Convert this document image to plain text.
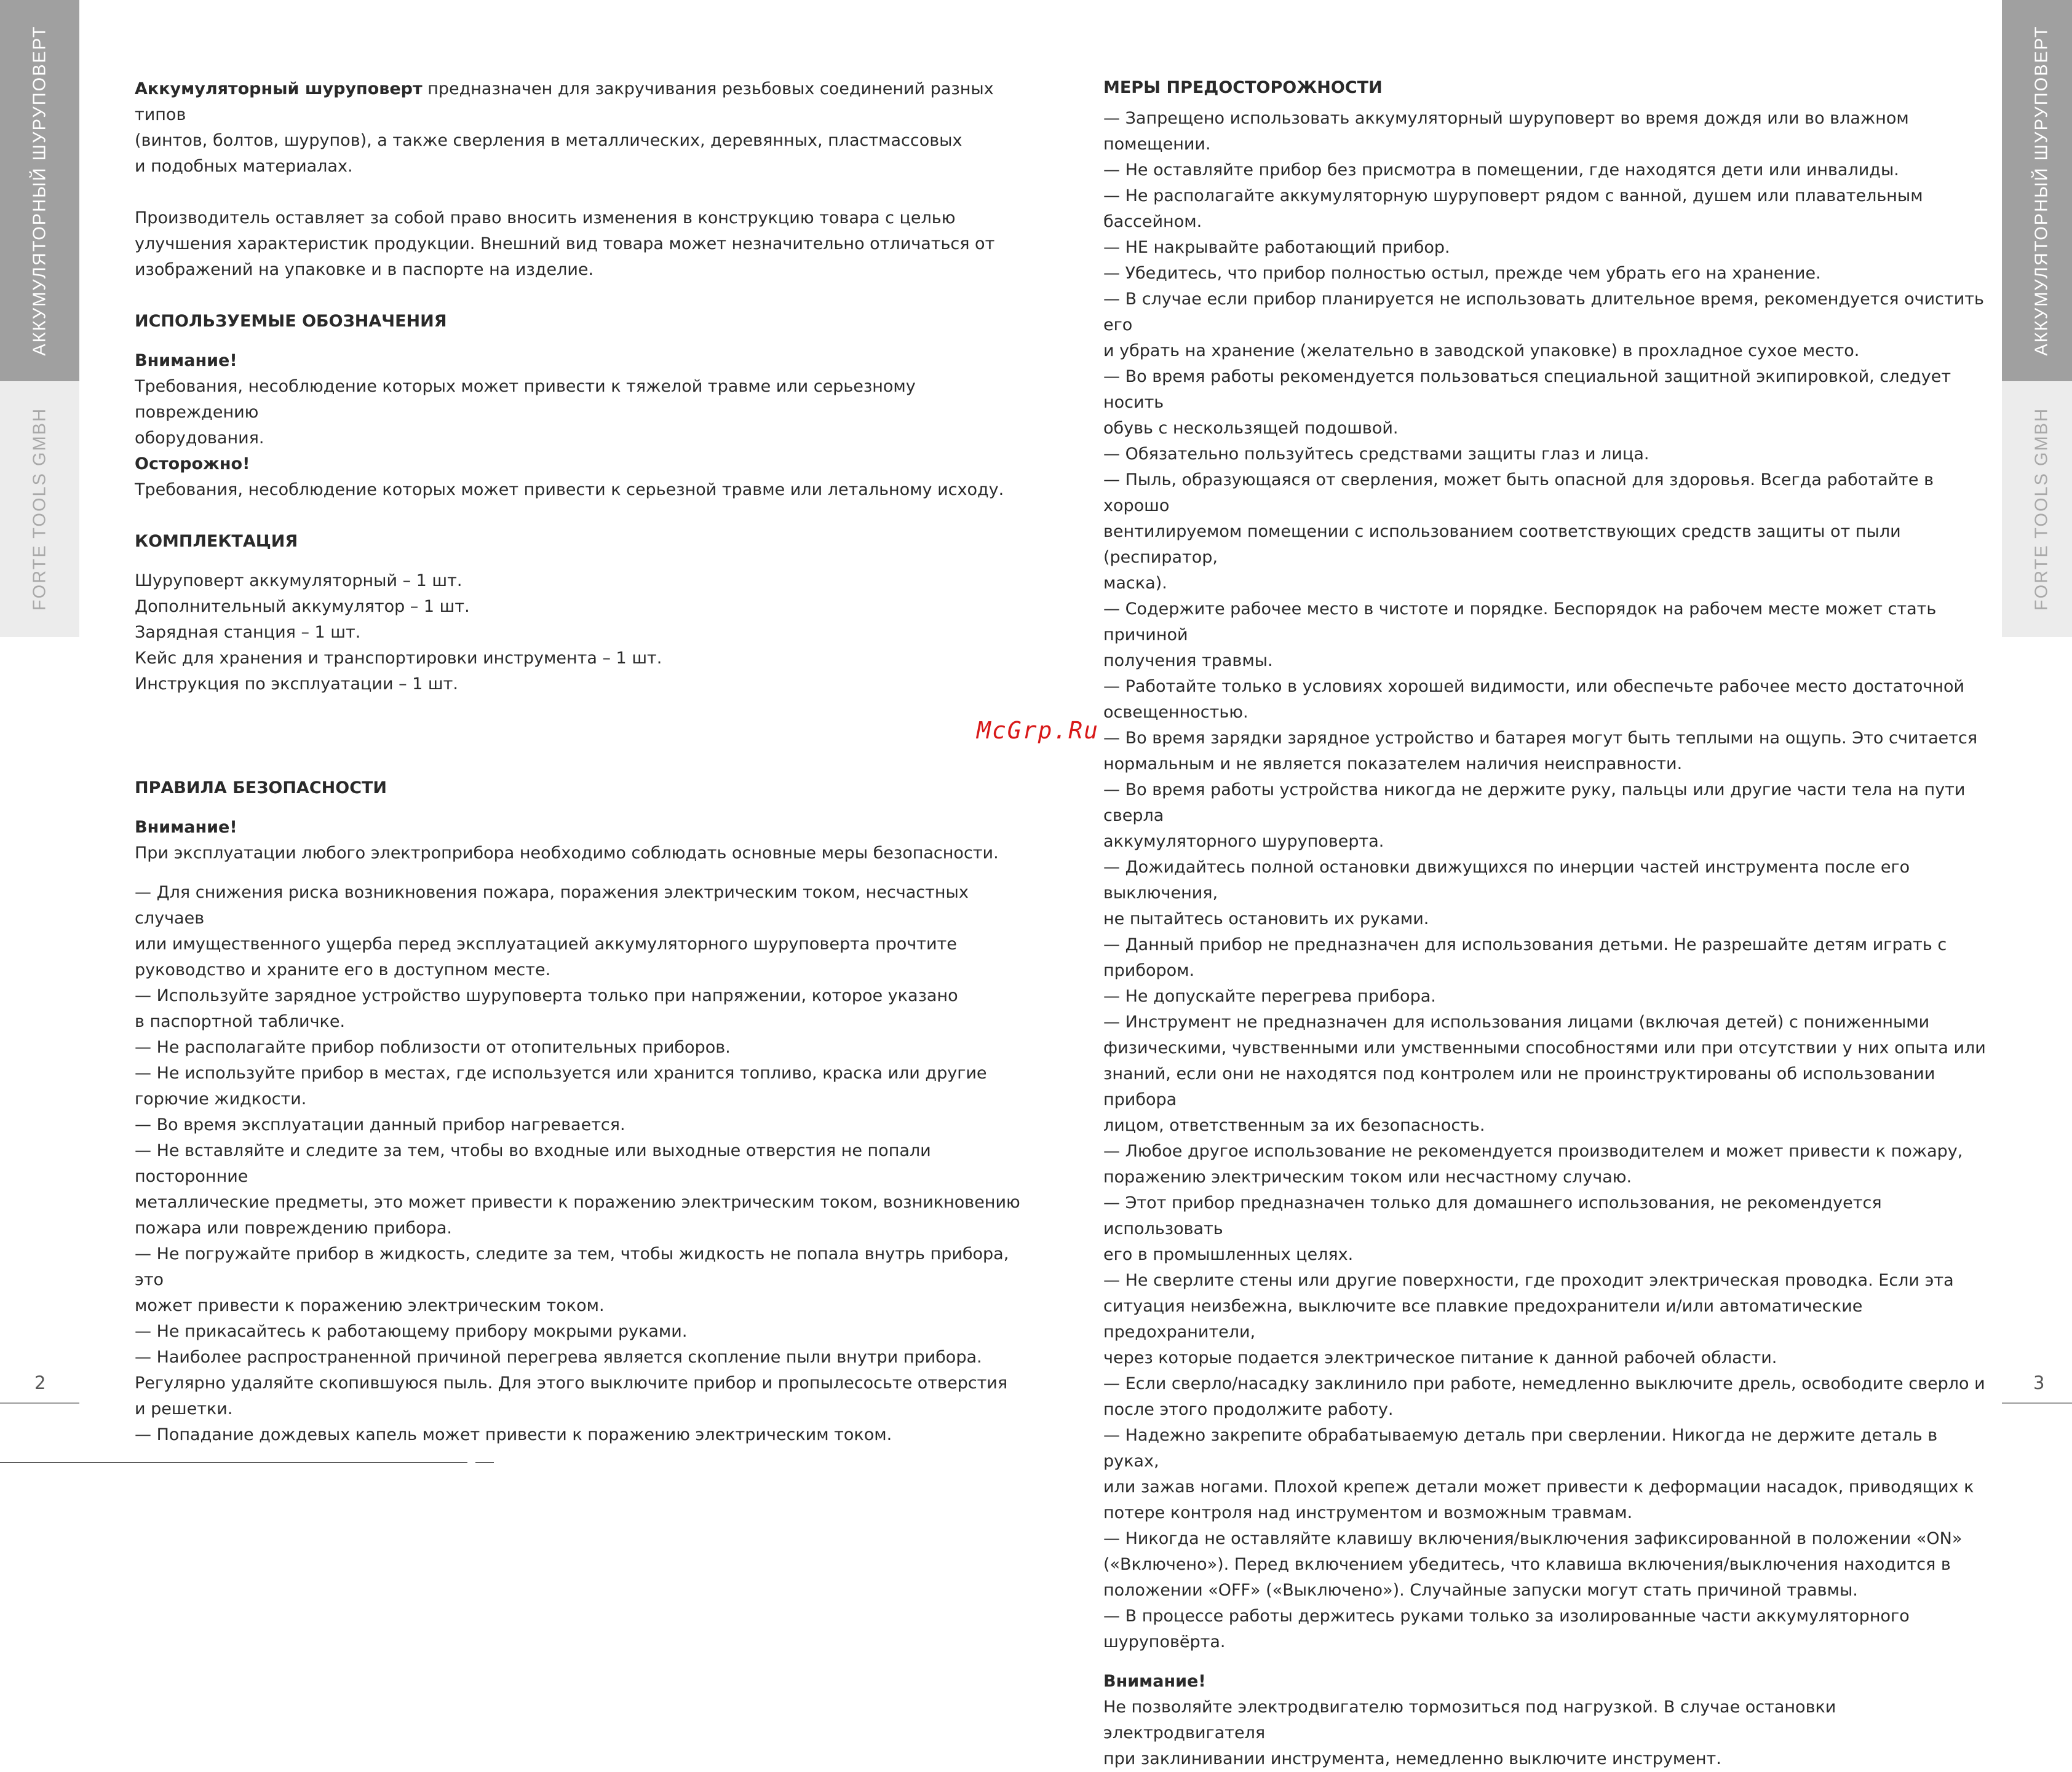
АККУМУЛЯТОРНЫЙ ШУРУПОВЕРТ
FORTE TOOLS GMBH
АККУМУЛЯТОРНЫЙ ШУРУПОВЕРТ
FORTE TOOLS GMBH
2	3
McGrp.Ru

Аккумуляторный шуруповерт предназначен для закручивания резьбовых соединений разных типов

(винтов, болтов, шурупов), а также сверления в металлических, деревянных, пластмассовых

и подобных материалах.

Производитель оставляет за собой право вносить изменения в конструкцию товара с целью

улучшения характеристик продукции. Внешний вид товара может незначительно отличаться от

изображений на упаковке и в паспорте на изделие.

ИСПОЛЬЗУЕМЫЕ ОБОЗНАЧЕНИЯ

Внимание!

Требования, несоблюдение которых может привести к тяжелой травме или серьезному повреждению

оборудования.

Осторожно!

Требования, несоблюдение которых может привести к серьезной травме или летальному исходу.

КОМПЛЕКТАЦИЯ

Шуруповерт аккумуляторный – 1 шт.

Дополнительный аккумулятор – 1 шт.

Зарядная станция – 1 шт.

Кейс для хранения и транспортировки инструмента – 1 шт.

Инструкция по эксплуатации – 1 шт.

ПРАВИЛА БЕЗОПАСНОСТИ

Внимание!

При эксплуатации любого электроприбора необходимо соблюдать основные меры безопасности.

— Для снижения риска возникновения пожара, поражения электрическим током, несчастных случаев

или имущественного ущерба перед эксплуатацией аккумуляторного шуруповерта прочтите

руководство и храните его в доступном месте.

— Используйте зарядное устройство шуруповерта только при напряжении, которое указано

в паспортной табличке.

— Не располагайте прибор поблизости от отопительных приборов.

— Не используйте прибор в местах, где используется или хранится топливо, краска или другие

горючие жидкости.

— Во время эксплуатации данный прибор нагревается.

— Не вставляйте и следите за тем, чтобы во входные или выходные отверстия не попали посторонние

металлические предметы, это может привести к поражению электрическим током, возникновению

пожара или повреждению прибора.

— Не погружайте прибор в жидкость, следите за тем, чтобы жидкость не попала внутрь прибора, это

может привести к поражению электрическим током.

— Не прикасайтесь к работающему прибору мокрыми руками.

— Наиболее распространенной причиной перегрева является скопление пыли внутри прибора.

Регулярно удаляйте скопившуюся пыль. Для этого выключите прибор и пропылесосьте отверстия

и решетки.

— Попадание дождевых капель может привести к поражению электрическим током.

МЕРЫ ПРЕДОСТОРОЖНОСТИ

— Запрещено использовать аккумуляторный шуруповерт во время дождя или во влажном помещении.

— Не оставляйте прибор без присмотра в помещении, где находятся дети или инвалиды.

— Не располагайте аккумуляторную шуруповерт рядом с ванной, душем или плавательным бассейном.

— НЕ накрывайте работающий прибор.

— Убедитесь, что прибор полностью остыл, прежде чем убрать его на хранение.

— В случае если прибор планируется не использовать длительное время, рекомендуется очистить его

и убрать на хранение (желательно в заводской упаковке) в прохладное сухое место.

— Во время работы рекомендуется пользоваться специальной защитной экипировкой, следует носить

обувь с нескользящей подошвой.

— Обязательно пользуйтесь средствами защиты глаз и лица.

— Пыль, образующаяся от сверления, может быть опасной для здоровья. Всегда работайте в хорошо

вентилируемом помещении с использованием соответствующих средств защиты от пыли (респиратор,

маска).

— Содержите рабочее место в чистоте и порядке. Беспорядок на рабочем месте может стать причиной

получения травмы.

— Работайте только в условиях хорошей видимости, или обеспечьте рабочее место достаточной

освещенностью.

— Во время зарядки зарядное устройство и батарея могут быть теплыми на ощупь. Это считается

нормальным и не является показателем наличия неисправности.

— Во время работы устройства никогда не держите руку, пальцы или другие части тела на пути сверла

аккумуляторного шуруповерта.

— Дожидайтесь полной остановки движущихся по инерции частей инструмента после его выключения,

не пытайтесь остановить их руками.

— Данный прибор не предназначен для использования детьми. Не разрешайте детям играть с прибором.

— Не допускайте перегрева прибора.

— Инструмент не предназначен для использования лицами (включая детей) с пониженными

физическими, чувственными или умственными способностями или при отсутствии у них опыта или

знаний, если они не находятся под контролем или не проинструктированы об использовании прибора

лицом, ответственным за их безопасность.

— Любое другое использование не рекомендуется производителем и может привести к пожару,

поражению электрическим током или несчастному случаю.

— Этот прибор предназначен только для домашнего использования, не рекомендуется использовать

его в промышленных целях.

— Не сверлите стены или другие поверхности, где проходит электрическая проводка. Если эта

ситуация неизбежна, выключите все плавкие предохранители и/или автоматические предохранители,

через которые подается электрическое питание к данной рабочей области.

— Если сверло/насадку заклинило при работе, немедленно выключите дрель, освободите сверло и

после этого продолжите работу.

— Надежно закрепите обрабатываемую деталь при сверлении. Никогда не держите деталь в руках,

или зажав ногами. Плохой крепеж детали может привести к деформации насадок, приводящих к

потере контроля над инструментом и возможным травмам.

— Никогда не оставляйте клавишу включения/выключения зафиксированной в положении «ON»

(«Включено»). Перед включением убедитесь, что клавиша включения/выключения находится в

положении «OFF» («Выключено»). Случайные запуски могут стать причиной травмы.

— В процессе работы держитесь руками только за изолированные части аккумуляторного

шуруповёрта.

Внимание!

Не позволяйте электродвигателю тормозиться под нагрузкой. В случае остановки электродвигателя

при заклинивании инструмента, немедленно выключите инструмент.
